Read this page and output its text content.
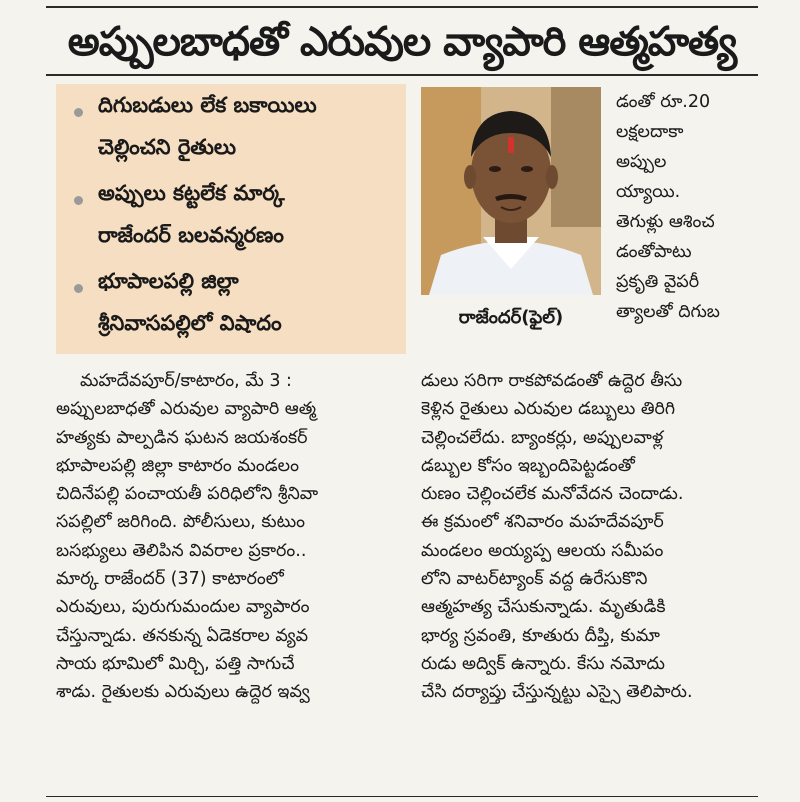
అప్పులబాధతో ఎరువుల వ్యాపారి ఆత్మహత్య
దిగుబడులు లేక బకాయిలు
చెల్లించని రైతులు
అప్పులు కట్టలేక మార్క
రాజేందర్ బలవన్మరణం
భూపాలపల్లి జిల్లా
శ్రీనివాసపల్లిలో విషాదం	రాజేందర్(ఫైల్)
డంతో రూ.20
లక్షలదాకా
అప్పుల
య్యాయి.
తెగుళ్లు ఆశించ
డంతోపాటు
ప్రకృతి వైపరీ
త్యాలతో దిగుబ
మహదేవపూర్/కాటారం, మే 3 :
అప్పులబాధతో ఎరువుల వ్యాపారి ఆత్మ
హత్యకు పాల్పడిన ఘటన జయశంకర్
భూపాలపల్లి జిల్లా కాటారం మండలం
చిదినేపల్లి పంచాయతీ పరిధిలోని శ్రీనివా
సపల్లిలో జరిగింది. పోలీసులు, కుటుం
బసభ్యులు తెలిపిన వివరాల ప్రకారం..
మార్క రాజేందర్ (37) కాటారంలో
ఎరువులు, పురుగుమందుల వ్యాపారం
చేస్తున్నాడు. తనకున్న ఏడెకరాల వ్యవ
సాయ భూమిలో మిర్చి, పత్తి సాగుచే
శాడు. రైతులకు ఎరువులు ఉద్దెర ఇవ్వ
డులు సరిగా రాకపోవడంతో ఉద్దెర తీసు
కెళ్లిన రైతులు ఎరువుల డబ్బులు తిరిగి
చెల్లించలేదు. బ్యాంకర్లు, అప్పులవాళ్ల
డబ్బుల కోసం ఇబ్బందిపెట్టడంతో
రుణం చెల్లించలేక మనోవేదన చెందాడు.
ఈ క్రమంలో శనివారం మహదేవపూర్
మండలం అయ్యప్ప ఆలయ సమీపం
లోని వాటర్‌ట్యాంక్ వద్ద ఉరేసుకొని
ఆత్మహత్య చేసుకున్నాడు. మృతుడికి
భార్య స్రవంతి, కూతురు దీప్తి, కుమా
రుడు అద్విక్ ఉన్నారు. కేసు నమోదు
చేసి దర్యాప్తు చేస్తున్నట్టు ఎస్సై తెలిపారు.
